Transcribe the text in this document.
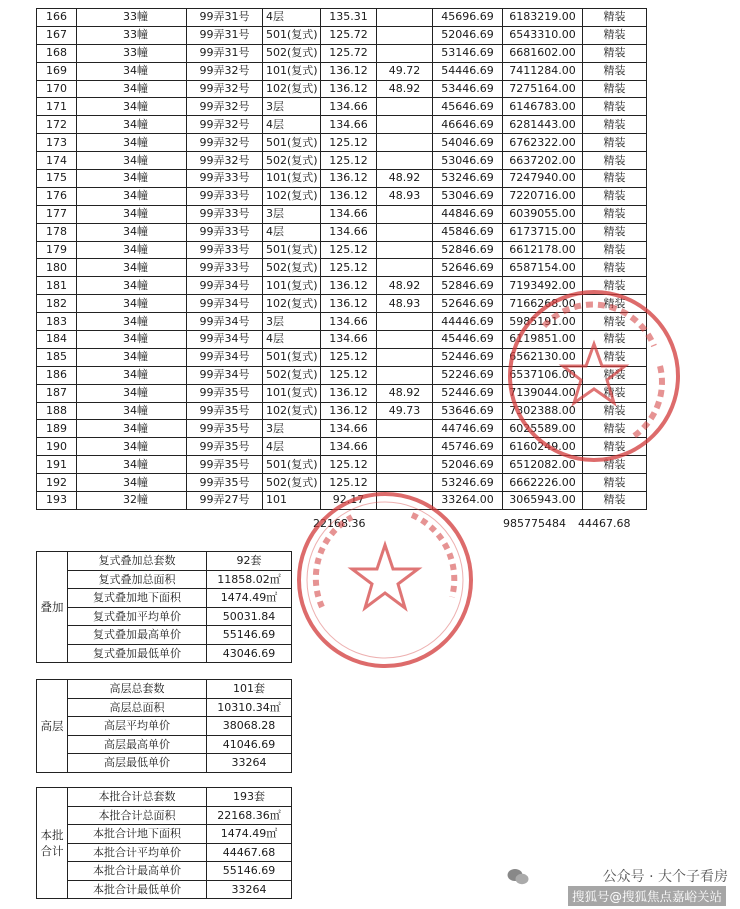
166	33幢	99弄31号	4层	135.31		45696.69	6183219.00	精装
167	33幢	99弄31号	501(复式)	125.72		52046.69	6543310.00	精装
168	33幢	99弄31号	502(复式)	125.72		53146.69	6681602.00	精装
169	34幢	99弄32号	101(复式)	136.12	49.72	54446.69	7411284.00	精装
170	34幢	99弄32号	102(复式)	136.12	48.92	53446.69	7275164.00	精装
171	34幢	99弄32号	3层	134.66		45646.69	6146783.00	精装
172	34幢	99弄32号	4层	134.66		46646.69	6281443.00	精装
173	34幢	99弄32号	501(复式)	125.12		54046.69	6762322.00	精装
174	34幢	99弄32号	502(复式)	125.12		53046.69	6637202.00	精装
175	34幢	99弄33号	101(复式)	136.12	48.92	53246.69	7247940.00	精装
176	34幢	99弄33号	102(复式)	136.12	48.93	53046.69	7220716.00	精装
177	34幢	99弄33号	3层	134.66		44846.69	6039055.00	精装
178	34幢	99弄33号	4层	134.66		45846.69	6173715.00	精装
179	34幢	99弄33号	501(复式)	125.12		52846.69	6612178.00	精装
180	34幢	99弄33号	502(复式)	125.12		52646.69	6587154.00	精装
181	34幢	99弄34号	101(复式)	136.12	48.92	52846.69	7193492.00	精装
182	34幢	99弄34号	102(复式)	136.12	48.93	52646.69	7166268.00	精装
183	34幢	99弄34号	3层	134.66		44446.69	5985191.00	精装
184	34幢	99弄34号	4层	134.66		45446.69	6119851.00	精装
185	34幢	99弄34号	501(复式)	125.12		52446.69	6562130.00	精装
186	34幢	99弄34号	502(复式)	125.12		52246.69	6537106.00	精装
187	34幢	99弄35号	101(复式)	136.12	48.92	52446.69	7139044.00	精装
188	34幢	99弄35号	102(复式)	136.12	49.73	53646.69	7302388.00	精装
189	34幢	99弄35号	3层	134.66		44746.69	6025589.00	精装
190	34幢	99弄35号	4层	134.66		45746.69	6160249.00	精装
191	34幢	99弄35号	501(复式)	125.12		52046.69	6512082.00	精装
192	34幢	99弄35号	502(复式)	125.12		53246.69	6662226.00	精装
193	32幢	99弄27号	101	92.17		33264.00	3065943.00	精装
22168.36	985775484 44467.68
叠加	复式叠加总套数	92套
	复式叠加总面积	11858.02㎡
	复式叠加地下面积	1474.49㎡
	复式叠加平均单价	50031.84
	复式叠加最高单价	55146.69
	复式叠加最低单价	43046.69
高层	高层总套数	101套
	高层总面积	10310.34㎡
	高层平均单价	38068.28
	高层最高单价	41046.69
	高层最低单价	33264
本批合计	本批合计总套数	193套
	本批合计总面积	22168.36㎡
	本批合计地下面积	1474.49㎡
	本批合计平均单价	44467.68
	本批合计最高单价	55146.69
	本批合计最低单价	33264
公众号 · 大个子看房
搜狐号@搜狐焦点嘉峪关站
